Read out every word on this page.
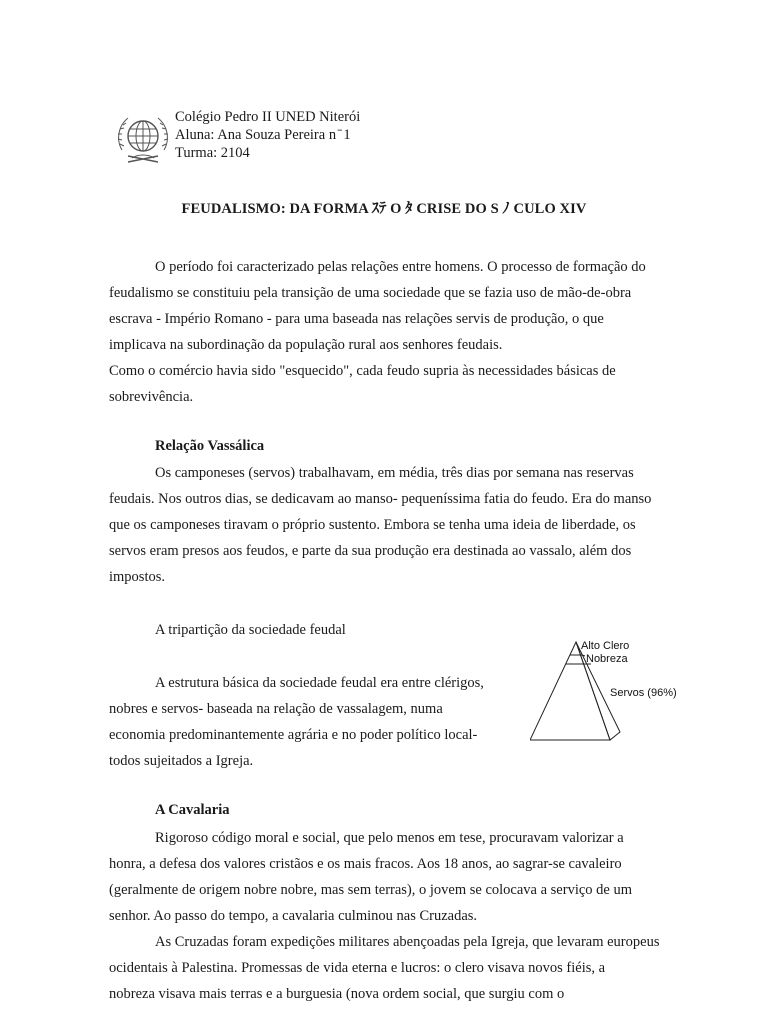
Colégio Pedro II UNED Niterói
Aluna: Ana Souza Pereira n ̄ 1
Turma: 2104
FEUDALISMO: DA FORMA ｽﾃ O ﾀ CRISE DO S ﾉ CULO XIV
O período foi caracterizado pelas relações entre homens. O processo de formação do
feudalismo se constituiu pela transição de uma sociedade que se fazia uso de mão-de-obra
escrava - Império Romano - para uma baseada nas relações servis de produção, o que
implicava na subordinação da população rural aos senhores feudais.
Como o comércio havia sido "esquecido", cada feudo supria às necessidades básicas de
sobrevivência.
Relação Vassálica
Os camponeses (servos) trabalhavam, em média, três dias por semana nas reservas
feudais. Nos outros dias, se dedicavam ao manso- pequeníssima fatia do feudo. Era do manso
que os camponeses tiravam o próprio sustento. Embora se tenha uma ideia de liberdade, os
servos eram presos aos feudos, e parte da sua produção era destinada ao vassalo, além dos
impostos.
A tripartição da sociedade feudal
A estrutura básica da sociedade feudal era entre clérigos,
nobres e servos- baseada na relação de vassalagem, numa
economia predominantemente agrária e no poder político local-
todos sujeitados a Igreja.
Alto Clero
Nobreza
Servos (96%)
A Cavalaria
Rigoroso código moral e social, que pelo menos em tese, procuravam valorizar a
honra, a defesa dos valores cristãos e os mais fracos. Aos 18 anos, ao sagrar-se cavaleiro
(geralmente de origem nobre nobre, mas sem terras), o jovem se colocava a serviço de um
senhor. Ao passo do tempo, a cavalaria culminou nas Cruzadas.
As Cruzadas foram expedições militares abençoadas pela Igreja, que levaram europeus
ocidentais à Palestina. Promessas de vida eterna e lucros: o clero visava novos fiéis, a
nobreza visava mais terras e a burguesia (nova ordem social, que surgiu com o
